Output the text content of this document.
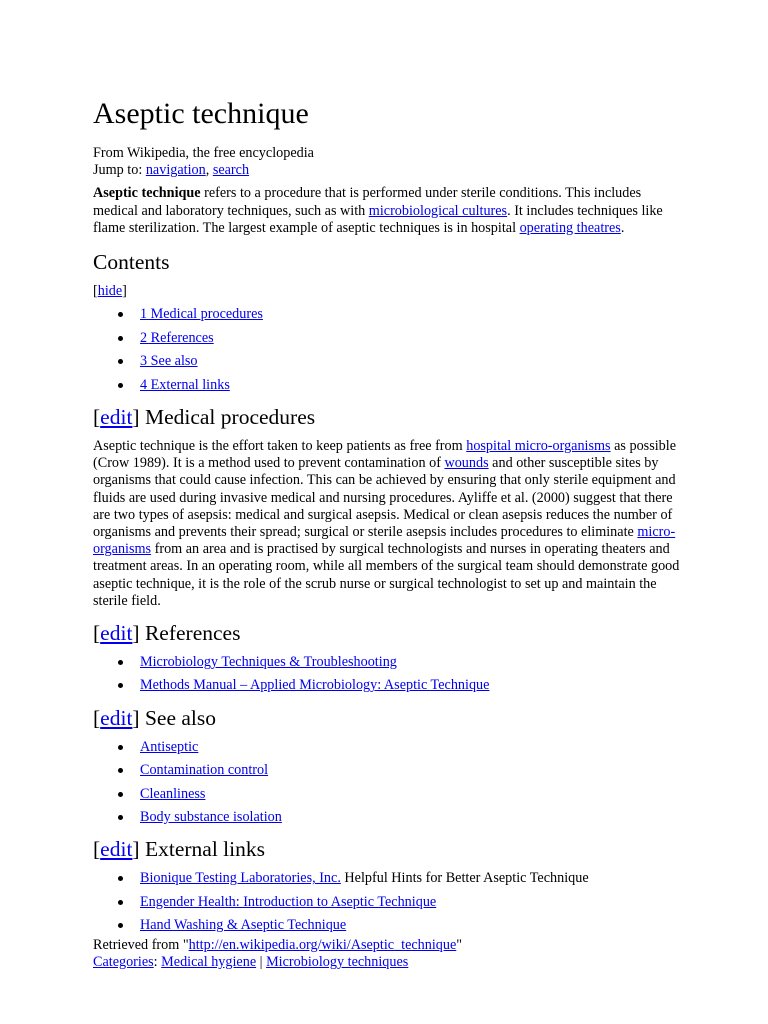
Aseptic technique
From Wikipedia, the free encyclopedia
Jump to: navigation, search

Aseptic technique refers to a procedure that is performed under sterile conditions. This includes medical and laboratory techniques, such as with microbiological cultures. It includes techniques like flame sterilization. The largest example of aseptic techniques is in hospital operating theatres.

Contents
[hide]
1 Medical procedures
2 References
3 See also
4 External links
[edit] Medical procedures

Aseptic technique is the effort taken to keep patients as free from hospital micro-organisms as possible (Crow 1989). It is a method used to prevent contamination of wounds and other susceptible sites by organisms that could cause infection. This can be achieved by ensuring that only sterile equipment and fluids are used during invasive medical and nursing procedures. Ayliffe et al. (2000) suggest that there are two types of asepsis: medical and surgical asepsis. Medical or clean asepsis reduces the number of organisms and prevents their spread; surgical or sterile asepsis includes procedures to eliminate micro-organisms from an area and is practised by surgical technologists and nurses in operating theaters and treatment areas. In an operating room, while all members of the surgical team should demonstrate good aseptic technique, it is the role of the scrub nurse or surgical technologist to set up and maintain the sterile field.

[edit] References
Microbiology Techniques & Troubleshooting
Methods Manual – Applied Microbiology: Aseptic Technique
[edit] See also
Antiseptic
Contamination control
Cleanliness
Body substance isolation
[edit] External links
Bionique Testing Laboratories, Inc. Helpful Hints for Better Aseptic Technique
Engender Health: Introduction to Aseptic Technique
Hand Washing & Aseptic Technique
Retrieved from "http://en.wikipedia.org/wiki/Aseptic_technique"
Categories: Medical hygiene | Microbiology techniques
